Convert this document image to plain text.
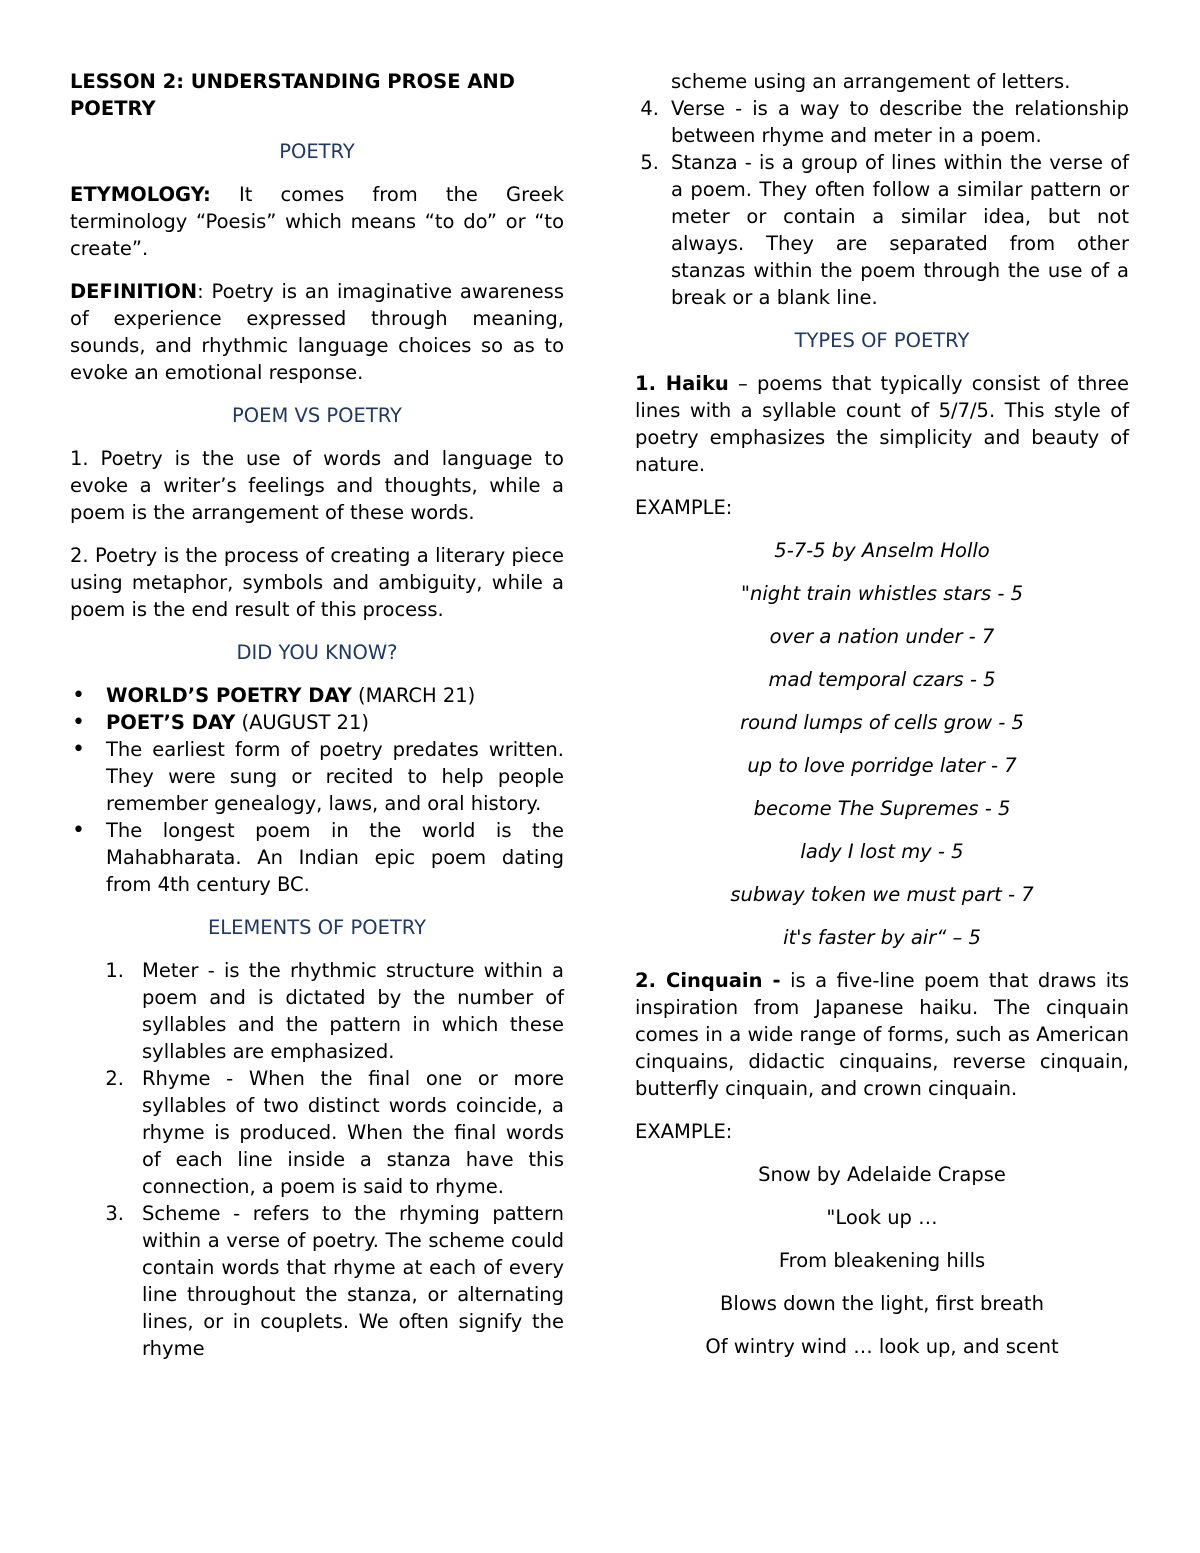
LESSON 2: UNDERSTANDING PROSE AND POETRY
POETRY

ETYMOLOGY: It comes from the Greek terminology “Poesis” which means “to do” or “to create”.

DEFINITION: Poetry is an imaginative awareness of experience expressed through meaning, sounds, and rhythmic language choices so as to evoke an emotional response.

POEM VS POETRY

1. Poetry is the use of words and language to evoke a writer’s feelings and thoughts, while a poem is the arrangement of these words.

2. Poetry is the process of creating a literary piece using metaphor, symbols and ambiguity, while a poem is the end result of this process.

DID YOU KNOW?
• WORLD’S POETRY DAY (MARCH 21)
• POET’S DAY (AUGUST 21)
• The earliest form of poetry predates written. They were sung or recited to help people remember genealogy, laws, and oral history.
• The longest poem in the world is the Mahabharata. An Indian epic poem dating from 4th century BC.
ELEMENTS OF POETRY
1. Meter - is the rhythmic structure within a poem and is dictated by the number of syllables and the pattern in which these syllables are emphasized.
2. Rhyme - When the final one or more syllables of two distinct words coincide, a rhyme is produced. When the final words of each line inside a stanza have this connection, a poem is said to rhyme.
3. Scheme - refers to the rhyming pattern within a verse of poetry. The scheme could contain words that rhyme at each of every line throughout the stanza, or alternating lines, or in couplets. We often signify the rhyme
scheme using an arrangement of letters.
4. Verse - is a way to describe the relationship between rhyme and meter in a poem.
5. Stanza - is a group of lines within the verse of a poem. They often follow a similar pattern or meter or contain a similar idea, but not always. They are separated from other stanzas within the poem through the use of a break or a blank line.
TYPES OF POETRY

1. Haiku – poems that typically consist of three lines with a syllable count of 5/7/5. This style of poetry emphasizes the simplicity and beauty of nature.

EXAMPLE:
5-7-5 by Anselm Hollo
"night train whistles stars - 5
over a nation under - 7
mad temporal czars - 5
round lumps of cells grow - 5
up to love porridge later - 7
become The Supremes - 5
lady I lost my - 5
subway token we must part - 7
it's faster by air“ – 5

2. Cinquain - is a five-line poem that draws its inspiration from Japanese haiku. The cinquain comes in a wide range of forms, such as American cinquains, didactic cinquains, reverse cinquain, butterfly cinquain, and crown cinquain.

EXAMPLE:
Snow by Adelaide Crapse
"Look up …
From bleakening hills
Blows down the light, first breath
Of wintry wind … look up, and scent
